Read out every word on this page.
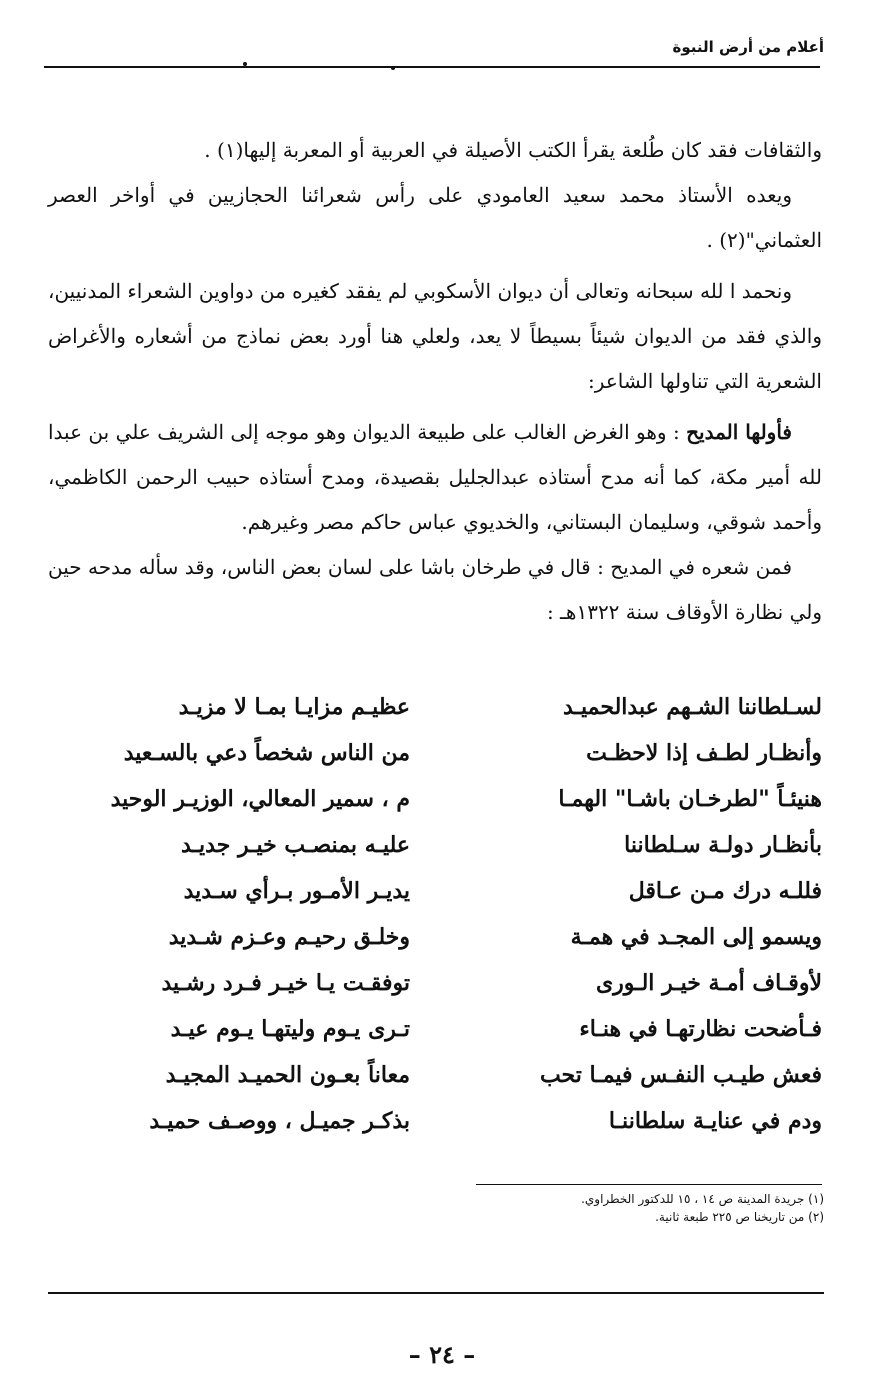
أعلام من أرض النبوة

والثقافات فقد كان طُلعة يقرأ الكتب الأصيلة في العربية أو المعربة إليها(١) .

ويعده الأستاذ محمد سعيد العامودي على رأس شعرائنا الحجازيين في أواخر العصر العثماني"(٢) .

ونحمد ا لله سبحانه وتعالى أن ديوان الأسكوبي لم يفقد كغيره من دواوين الشعراء المدنيين، والذي فقد من الديوان شيئاً بسيطاً لا يعد، ولعلي هنا أورد بعض نماذج من أشعاره والأغراض الشعرية التي تناولها الشاعر:

فأولها المديح : وهو الغرض الغالب على طبيعة الديوان وهو موجه إلى الشريف علي بن عبدا لله أمير مكة، كما أنه مدح أستاذه عبدالجليل بقصيدة، ومدح أستاذه حبيب الرحمن الكاظمي، وأحمد شوقي، وسليمان البستاني، والخديوي عباس حاكم مصر وغيرهم.

فمن شعره في المديح : قال في طرخان باشا على لسان بعض الناس، وقد سأله مدحه حين ولي نظارة الأوقاف سنة ١٣٢٢هـ :

لسـلطاننا الشـهم عبدالحميـد
عظيـم مزايـا بمـا لا مزيـد
وأنظـار لطـف إذا لاحظـت
من الناس شخصاً دعي بالسـعيد
هنيئـاً "لطرخـان باشـا" الهمـا
م ، سمير المعالي، الوزيـر الوحيد
بأنظـار دولـة سـلطاننا
عليـه بمنصـب خيـر جديـد
فللـه درك مـن عـاقل
يديـر الأمـور بـرأي سـديد
ويسمو إلى المجـد في همـة
وخلـق رحيـم وعـزم شـديد
لأوقـاف أمـة خيـر الـورى
توفقـت يـا خيـر فـرد رشـيد
فـأضحت نظارتهـا في هنـاء
تـرى يـوم وليتهـا يـوم عيـد
فعش طيـب النفـس فيمـا تحب
معاناً بعـون الحميـد المجيـد
ودم في عنايـة سلطاننـا
بذكـر جميـل ، ووصـف حميـد
(١) جريدة المدينة ص ١٤ ، ١٥ للدكتور الخطراوي.
(٢) من تاريخنا ص ٢٢٥ طبعة ثانية.
– ٢٤ –
